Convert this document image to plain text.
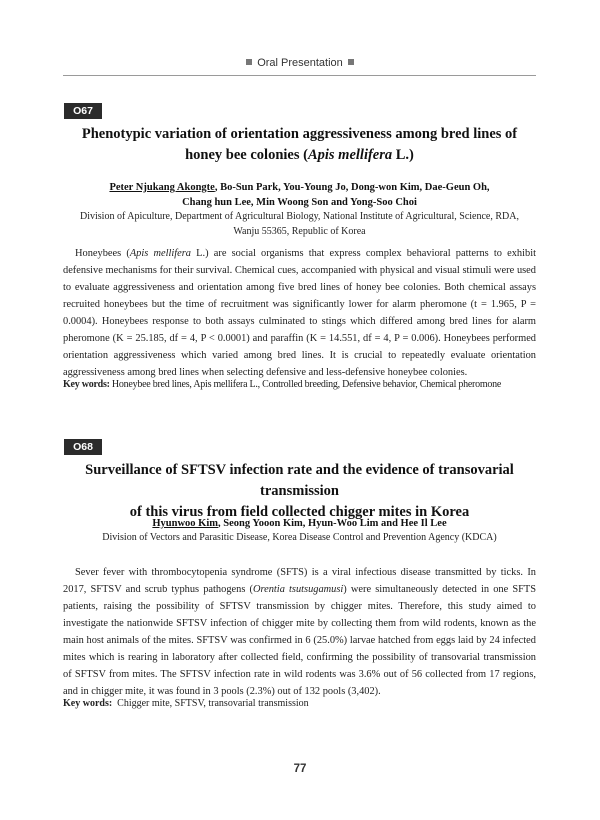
Oral Presentation
O67
Phenotypic variation of orientation aggressiveness among bred lines of
honey bee colonies (Apis mellifera L.)
Peter Njukang Akongte, Bo-Sun Park, You-Young Jo, Dong-won Kim, Dae-Geun Oh,
Chang hun Lee, Min Woong Son and Yong-Soo Choi
Division of Apiculture, Department of Agricultural Biology, National Institute of Agricultural, Science, RDA,
Wanju 55365, Republic of Korea

Honeybees (Apis mellifera L.) are social organisms that express complex behavioral patterns to exhibit defensive mechanisms for their survival. Chemical cues, accompanied with physical and visual stimuli were used to evaluate aggressiveness and orientation among five bred lines of honey bee colonies. Both chemical assays recruited honeybees but the time of recruitment was significantly lower for alarm pheromone (t = 1.965, P = 0.0004). Honeybees response to both assays culminated to stings which differed among bred lines for alarm pheromone (K = 25.185, df = 4, P < 0.0001) and paraffin (K = 14.551, df = 4, P = 0.006). Honeybees performed orientation aggressiveness which varied among bred lines. It is crucial to repeatedly evaluate orientation aggressiveness among bred lines when selecting defensive and less-defensive honeybee colonies.

Key words: Honeybee bred lines, Apis mellifera L., Controlled breeding, Defensive behavior, Chemical pheromone
O68
Surveillance of SFTSV infection rate and the evidence of transovarial transmission
of this virus from field collected chigger mites in Korea
Hyunwoo Kim, Seong Yooon Kim, Hyun-Woo Lim and Hee Il Lee
Division of Vectors and Parasitic Disease, Korea Disease Control and Prevention Agency (KDCA)

Sever fever with thrombocytopenia syndrome (SFTS) is a viral infectious disease transmitted by ticks. In 2017, SFTSV and scrub typhus pathogens (Orentia tsutsugamusi) were simultaneously detected in one SFTS patients, raising the possibility of SFTSV transmission by chigger mites. Therefore, this study aimed to investigate the nationwide SFTSV infection of chigger mite by collecting them from wild rodents, known as the main host animals of the mites. SFTSV was confirmed in 6 (25.0%) larvae hatched from eggs laid by 24 infected mites which is rearing in laboratory after collected field, confirming the possibility of transovarial transmission of SFTSV from mites. The SFTSV infection rate in wild rodents was 3.6% out of 56 collected from 17 regions, and in chigger mite, it was found in 3 pools (2.3%) out of 132 pools (3,402).

Key words:  Chigger mite, SFTSV, transovarial transmission
77
